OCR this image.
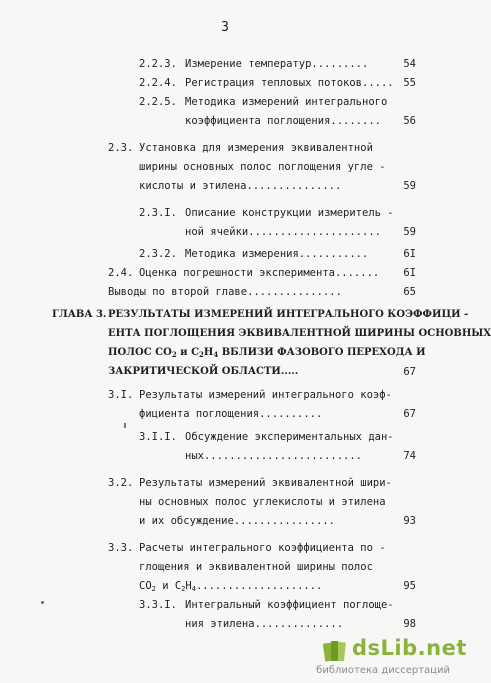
3
2.2.3. Измерение температур.........	54
2.2.4. Регистрация тепловых потоков..... 55
2.2.5. Методика измерений интегрального
коэффициента поглощения........ 56
2.3. Установка для измерения эквивалентной
ширины основных полос поглощения угле -
кислоты и этилена...............	59
2.3.I. Описание конструкции измеритель -
ной ячейки..................... 59
2.3.2. Методика измерения...........	6I
2.4. Оценка погрешности эксперимента....... 6I
Выводы по второй главе...............	65
ГЛАВА 3. РЕЗУЛЬТАТЫ ИЗМЕРЕНИЙ ИНТЕГРАЛЬНОГО КОЭФФИЦИ -
ЕНТА ПОГЛОЩЕНИЯ ЭКВИВАЛЕНТНОЙ ШИРИНЫ ОСНОВНЫХ
ПОЛОС $CO_2$ и $C_2H_4$ ВБЛИЗИ ФАЗОВОГО ПЕРЕХОДА И
ЗАКРИТИЧЕСКОЙ ОБЛАСТИ.....	67
3.I. Результаты измерений интегрального коэф-
фициента поглощения..........	67
3.I.I. Обсуждение экспериментальных дан-
ных.........................	74
3.2. Результаты измерений эквивалентной шири-
ны основных полос углекислоты и этилена
и их обсуждение................	93
3.3. Расчеты интегрального коэффициента по -
глощения и эквивалентной ширины полос
$CO_2$ и $C_2H_4$....................	95
3.3.I. Интегральный коэффициент поглоще-
ния этилена..............	98
dsLib.net
библиотека диссертаций
